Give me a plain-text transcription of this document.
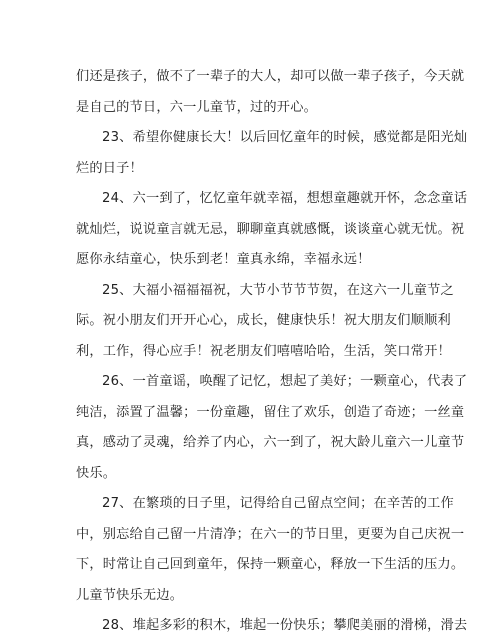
们还是孩子，做不了一辈子的大人，却可以做一辈子孩子，今天就
是自己的节日，六一儿童节，过的开心。
23、希望你健康长大！以后回忆童年的时候，感觉都是阳光灿
烂的日子！
24、六一到了，忆忆童年就幸福，想想童趣就开怀，念念童话
就灿烂，说说童言就无忌，聊聊童真就感慨，谈谈童心就无忧。祝
愿你永结童心，快乐到老！童真永绵，幸福永远！
25、大福小福福福祝，大节小节节节贺，在这六一儿童节之
际。祝小朋友们开开心心，成长，健康快乐！祝大朋友们顺顺利
利，工作，得心应手！祝老朋友们嘻嘻哈哈，生活，笑口常开！
26、一首童谣，唤醒了记忆，想起了美好；一颗童心，代表了
纯洁，添置了温馨；一份童趣，留住了欢乐，创造了奇迹；一丝童
真，感动了灵魂，给养了内心，六一到了，祝大龄儿童六一儿童节
快乐。
27、在繁琐的日子里，记得给自己留点空间；在辛苦的工作
中，别忘给自己留一片清净；在六一的节日里，更要为自己庆祝一
下，时常让自己回到童年，保持一颗童心，释放一下生活的压力。
儿童节快乐无边。
28、堆起多彩的积木，堆起一份快乐；攀爬美丽的滑梯，滑去
